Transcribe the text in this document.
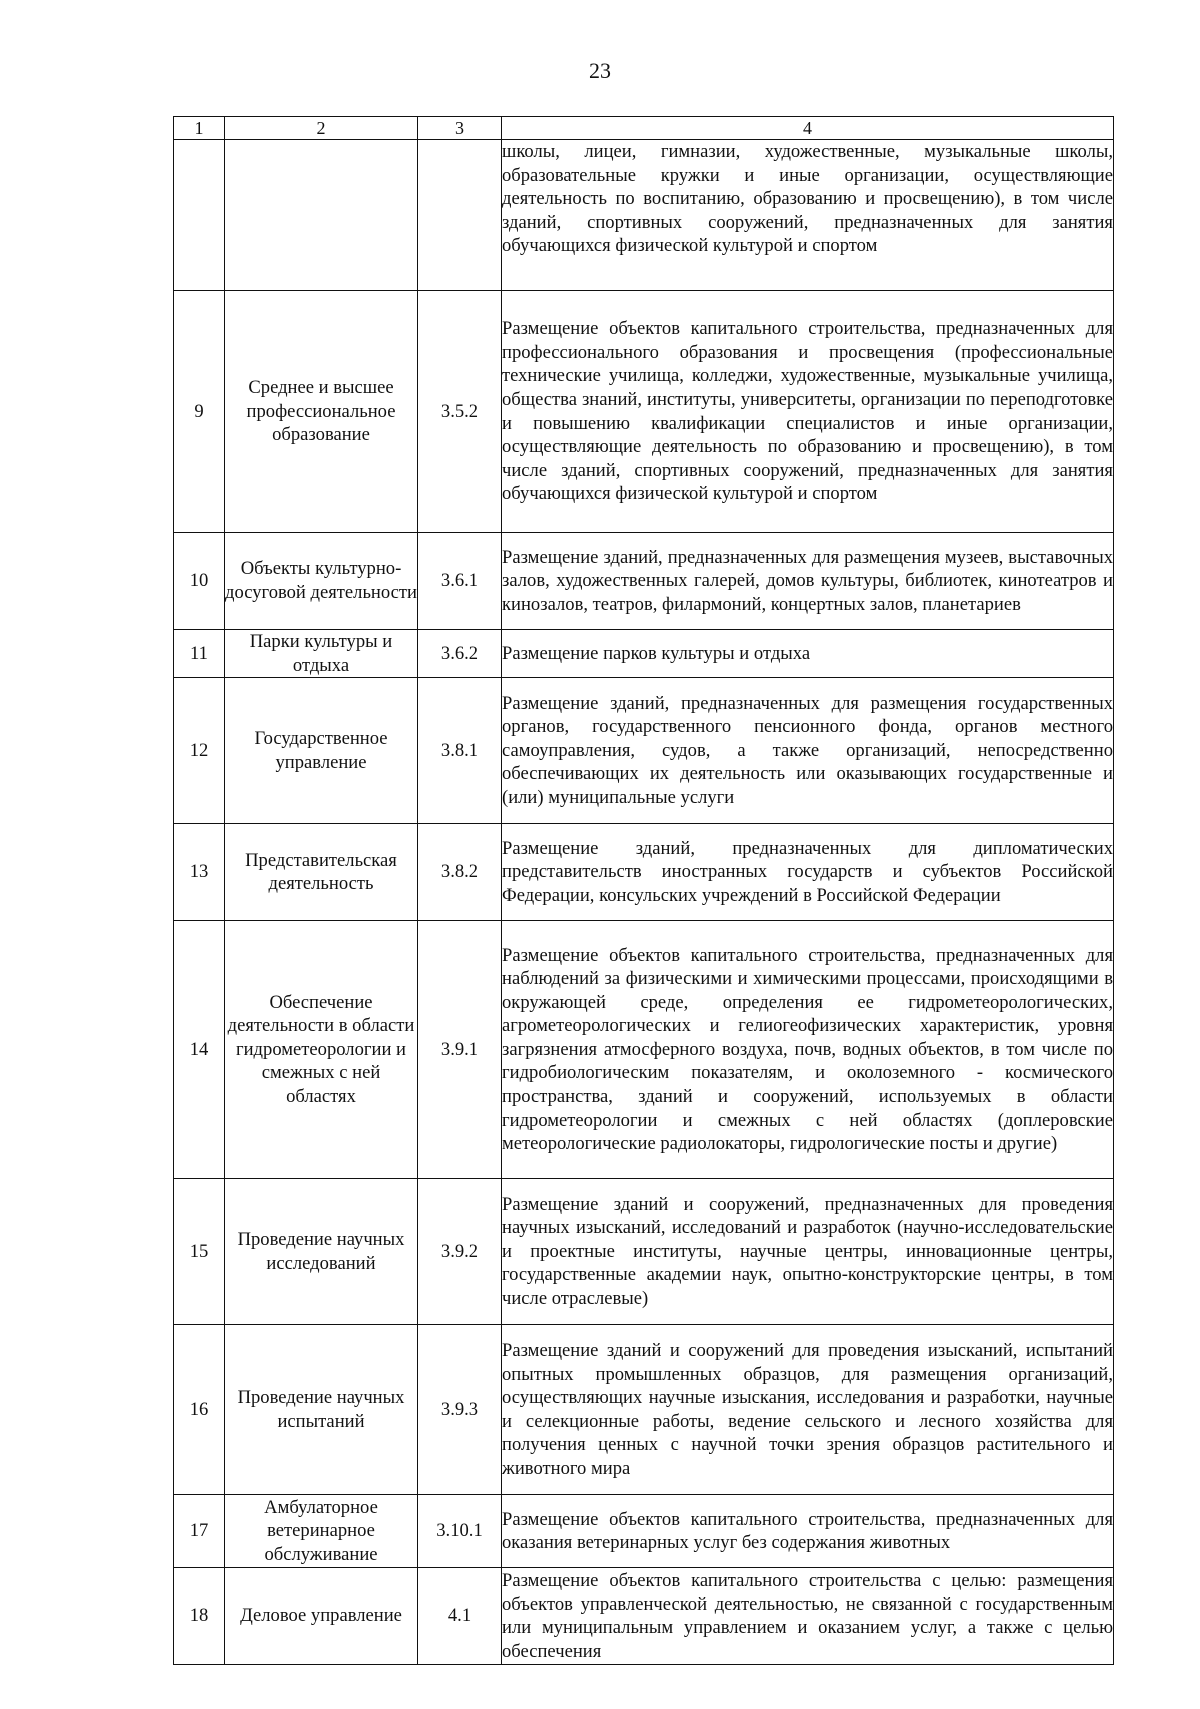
23
1	2	3	4
			школы, лицеи, гимназии, художественные, музыкальные школы, образовательные кружки и иные организации, осуществляющие деятельность по воспитанию, образованию и просвещению), в том числе зданий, спортивных сооружений, предназначенных для занятия обучающихся физической культурой и спортом
9	Среднее и высшее профессиональное образование	3.5.2	Размещение объектов капитального строительства, предназначенных для профессионального образования и просвещения (профессиональные технические училища, колледжи, художественные, музыкальные училища, общества знаний, институты, университеты, организации по переподготовке и повышению квалификации специалистов и иные организации, осуществляющие деятельность по образованию и просвещению), в том числе зданий, спортивных сооружений, предназначенных для занятия обучающихся физической культурой и спортом
10	Объекты культурно-досуговой деятельности	3.6.1	Размещение зданий, предназначенных для размещения музеев, выставочных залов, художественных галерей, домов культуры, библиотек, кинотеатров и кинозалов, театров, филармоний, концертных залов, планетариев
11	Парки культуры и отдыха	3.6.2	Размещение парков культуры и отдыха
12	Государственное управление	3.8.1	Размещение зданий, предназначенных для размещения государственных органов, государственного пенсионного фонда, органов местного самоуправления, судов, а также организаций, непосредственно обеспечивающих их деятельность или оказывающих государственные и (или) муниципальные услуги
13	Представительская деятельность	3.8.2	Размещение зданий, предназначенных для дипломатических представительств иностранных государств и субъектов Российской Федерации, консульских учреждений в Российской Федерации
14	Обеспечение деятельности в области гидрометеорологии и смежных с ней областях	3.9.1	Размещение объектов капитального строительства, предназначенных для наблюдений за физическими и химическими процессами, происходящими в окружающей среде, определения ее гидрометеорологических, агрометеорологических и гелиогеофизических характеристик, уровня загрязнения атмосферного воздуха, почв, водных объектов, в том числе по гидробиологическим показателям, и околоземного - космического пространства, зданий и сооружений, используемых в области гидрометеорологии и смежных с ней областях (доплеровские метеорологические радиолокаторы, гидрологические посты и другие)
15	Проведение научных исследований	3.9.2	Размещение зданий и сооружений, предназначенных для проведения научных изысканий, исследований и разработок (научно-исследовательские и проектные институты, научные центры, инновационные центры, государственные академии наук, опытно-конструкторские центры, в том числе отраслевые)
16	Проведение научных испытаний	3.9.3	Размещение зданий и сооружений для проведения изысканий, испытаний опытных промышленных образцов, для размещения организаций, осуществляющих научные изыскания, исследования и разработки, научные и селекционные работы, ведение сельского и лесного хозяйства для получения ценных с научной точки зрения образцов растительного и животного мира
17	Амбулаторное ветеринарное обслуживание	3.10.1	Размещение объектов капитального строительства, предназначенных для оказания ветеринарных услуг без содержания животных
18	Деловое управление	4.1	Размещение объектов капитального строительства с целью: размещения объектов управленческой деятельностью, не связанной с государственным или муниципальным управлением и оказанием услуг, а также с целью обеспечения
